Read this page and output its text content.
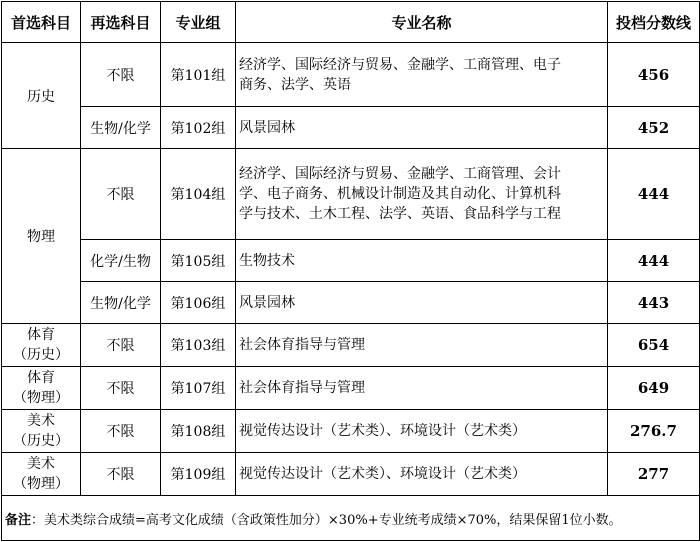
首选科目	再选科目	专业组	专业名称	投档分数线
历史	不限	第101组	经济学、国际经济与贸易、金融学、工商管理、电子
商务、法学、英语	456
	生物/化学	第102组	风景园林	452
物理	不限	第104组	经济学、国际经济与贸易、金融学、工商管理、会计
学、电子商务、机械设计制造及其自动化、计算机科
学与技术、土木工程、法学、英语、食品科学与工程	444
	化学/生物	第105组	生物技术	444
	生物/化学	第106组	风景园林	443

体育
（历史）	不限	第103组	社会体育指导与管理	654

体育
（物理）	不限	第107组	社会体育指导与管理	649

美术
（历史）	不限	第108组	视觉传达设计（艺术类）、环境设计（艺术类）	276.7

美术
（物理）	不限	第109组	视觉传达设计（艺术类）、环境设计（艺术类）	277
备注：美术类综合成绩=高考文化成绩（含政策性加分）×30%+专业统考成绩×70%，结果保留1位小数。				
